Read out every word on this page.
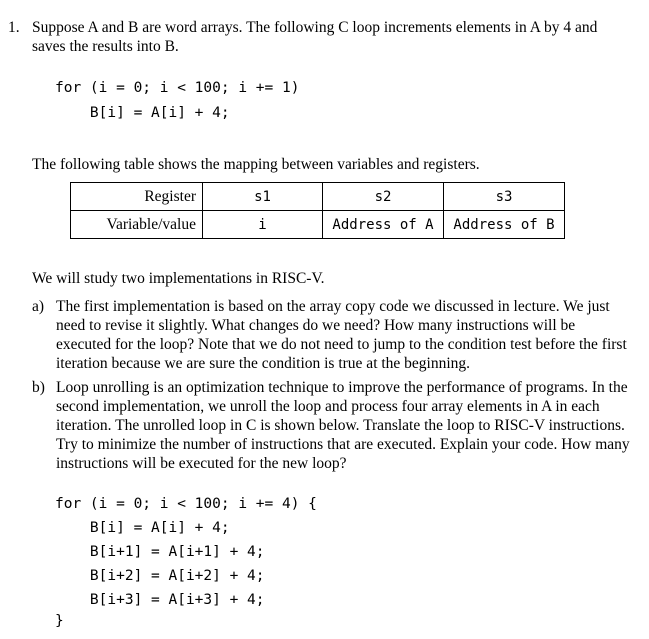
1. Suppose A and B are word arrays. The following C loop increments elements in A by 4 and saves the results into B.
for (i = 0; i < 100; i += 1)
B[i] = A[i] + 4;
The following table shows the mapping between variables and registers.
Register	s1	s2	s3
Variable/value	i	Address of A	Address of B
We will study two implementations in RISC-V.
a) The first implementation is based on the array copy code we discussed in lecture. We just need to revise it slightly. What changes do we need? How many instructions will be executed for the loop? Note that we do not need to jump to the condition test before the first iteration because we are sure the condition is true at the beginning.
b) Loop unrolling is an optimization technique to improve the performance of programs. In the second implementation, we unroll the loop and process four array elements in A in each iteration. The unrolled loop in C is shown below. Translate the loop to RISC-V instructions. Try to minimize the number of instructions that are executed. Explain your code. How many instructions will be executed for the new loop?
for (i = 0; i < 100; i += 4) {
B[i] = A[i] + 4;
B[i+1] = A[i+1] + 4;
B[i+2] = A[i+2] + 4;
B[i+3] = A[i+3] + 4;
}
